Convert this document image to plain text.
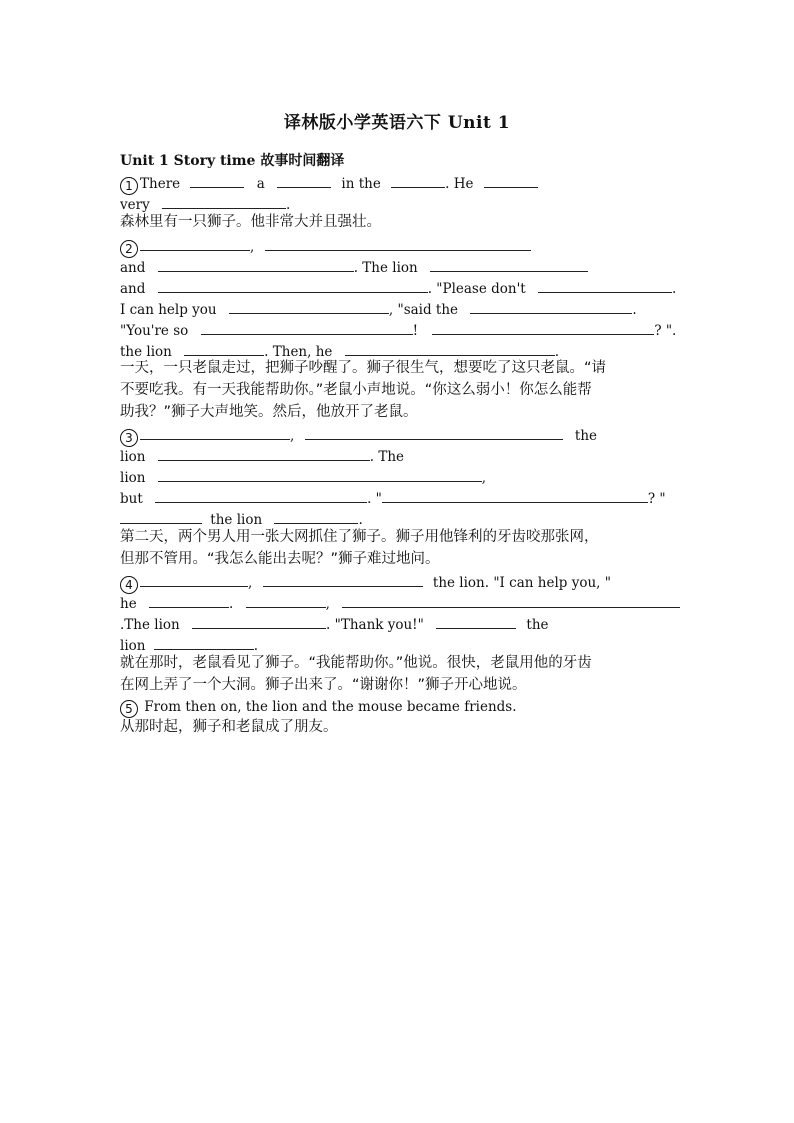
译林版小学英语六下 Unit 1
Unit 1 Story time 故事时间翻译
1 There	a	in the	. He
very	.
森林里有一只狮子。他非常大并且强壮。
2	,
and	. The lion
and	. "Please don't	.
I can help you	, "said the	.
"You're so	!	? ".
the lion	. Then, he	.
一天，一只老鼠走过，把狮子吵醒了。狮子很生气，想要吃了这只老鼠。“请
不要吃我。有一天我能帮助你。”老鼠小声地说。“你这么弱小！你怎么能帮
助我？”狮子大声地笑。然后，他放开了老鼠。
3	,	the
lion	. The
lion	,
but	. "	? "
the lion	.
第二天，两个男人用一张大网抓住了狮子。狮子用他锋利的牙齿咬那张网，
但那不管用。“我怎么能出去呢？”狮子难过地问。
4	,	the lion. "I can help you, "
he	.	,
.The lion	. "Thank you!"	the
lion	.
就在那时，老鼠看见了狮子。“我能帮助你。”他说。很快，老鼠用他的牙齿
在网上弄了一个大洞。狮子出来了。“谢谢你！”狮子开心地说。
5 From then on, the lion and the mouse became friends.
从那时起，狮子和老鼠成了朋友。
